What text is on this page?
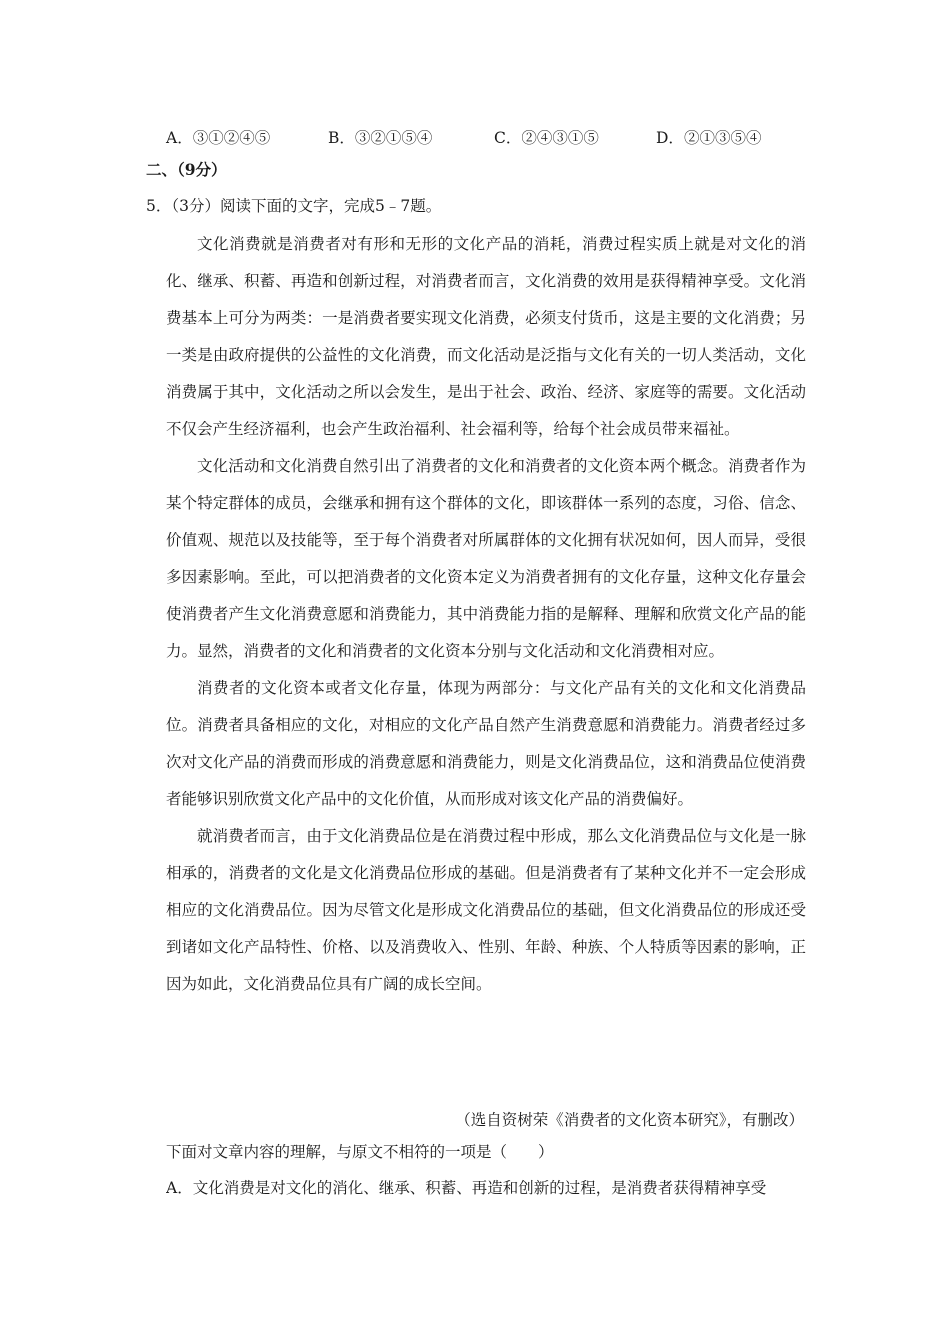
A．③①②④⑤	B．③②①⑤④	C．②④③①⑤	D．②①③⑤④
二、（9分）
5．（3分）阅读下面的文字，完成5﹣7题。

文化消费就是消费者对有形和无形的文化产品的消耗，消费过程实质上就是对文化的消化、继承、积蓄、再造和创新过程，对消费者而言，文化消费的效用是获得精神享受。文化消费基本上可分为两类：一是消费者要实现文化消费，必须支付货币，这是主要的文化消费；另一类是由政府提供的公益性的文化消费，而文化活动是泛指与文化有关的一切人类活动，文化消费属于其中，文化活动之所以会发生，是出于社会、政治、经济、家庭等的需要。文化活动不仅会产生经济福利，也会产生政治福利、社会福利等，给每个社会成员带来福祉。

文化活动和文化消费自然引出了消费者的文化和消费者的文化资本两个概念。消费者作为某个特定群体的成员，会继承和拥有这个群体的文化，即该群体一系列的态度，习俗、信念、价值观、规范以及技能等，至于每个消费者对所属群体的文化拥有状况如何，因人而异，受很多因素影响。至此，可以把消费者的文化资本定义为消费者拥有的文化存量，这种文化存量会使消费者产生文化消费意愿和消费能力，其中消费能力指的是解释、理解和欣赏文化产品的能力。显然，消费者的文化和消费者的文化资本分别与文化活动和文化消费相对应。

消费者的文化资本或者文化存量，体现为两部分：与文化产品有关的文化和文化消费品位。消费者具备相应的文化，对相应的文化产品自然产生消费意愿和消费能力。消费者经过多次对文化产品的消费而形成的消费意愿和消费能力，则是文化消费品位，这和消费品位使消费者能够识别欣赏文化产品中的文化价值，从而形成对该文化产品的消费偏好。

就消费者而言，由于文化消费品位是在消费过程中形成，那么文化消费品位与文化是一脉相承的，消费者的文化是文化消费品位形成的基础。但是消费者有了某种文化并不一定会形成相应的文化消费品位。因为尽管文化是形成文化消费品位的基础，但文化消费品位的形成还受到诸如文化产品特性、价格、以及消费收入、性别、年龄、种族、个人特质等因素的影响，正因为如此，文化消费品位具有广阔的成长空间。

（选自资树荣《消费者的文化资本研究》，有删改）
下面对文章内容的理解，与原文不相符的一项是（　　）
A．文化消费是对文化的消化、继承、积蓄、再造和创新的过程，是消费者获得精神享受
